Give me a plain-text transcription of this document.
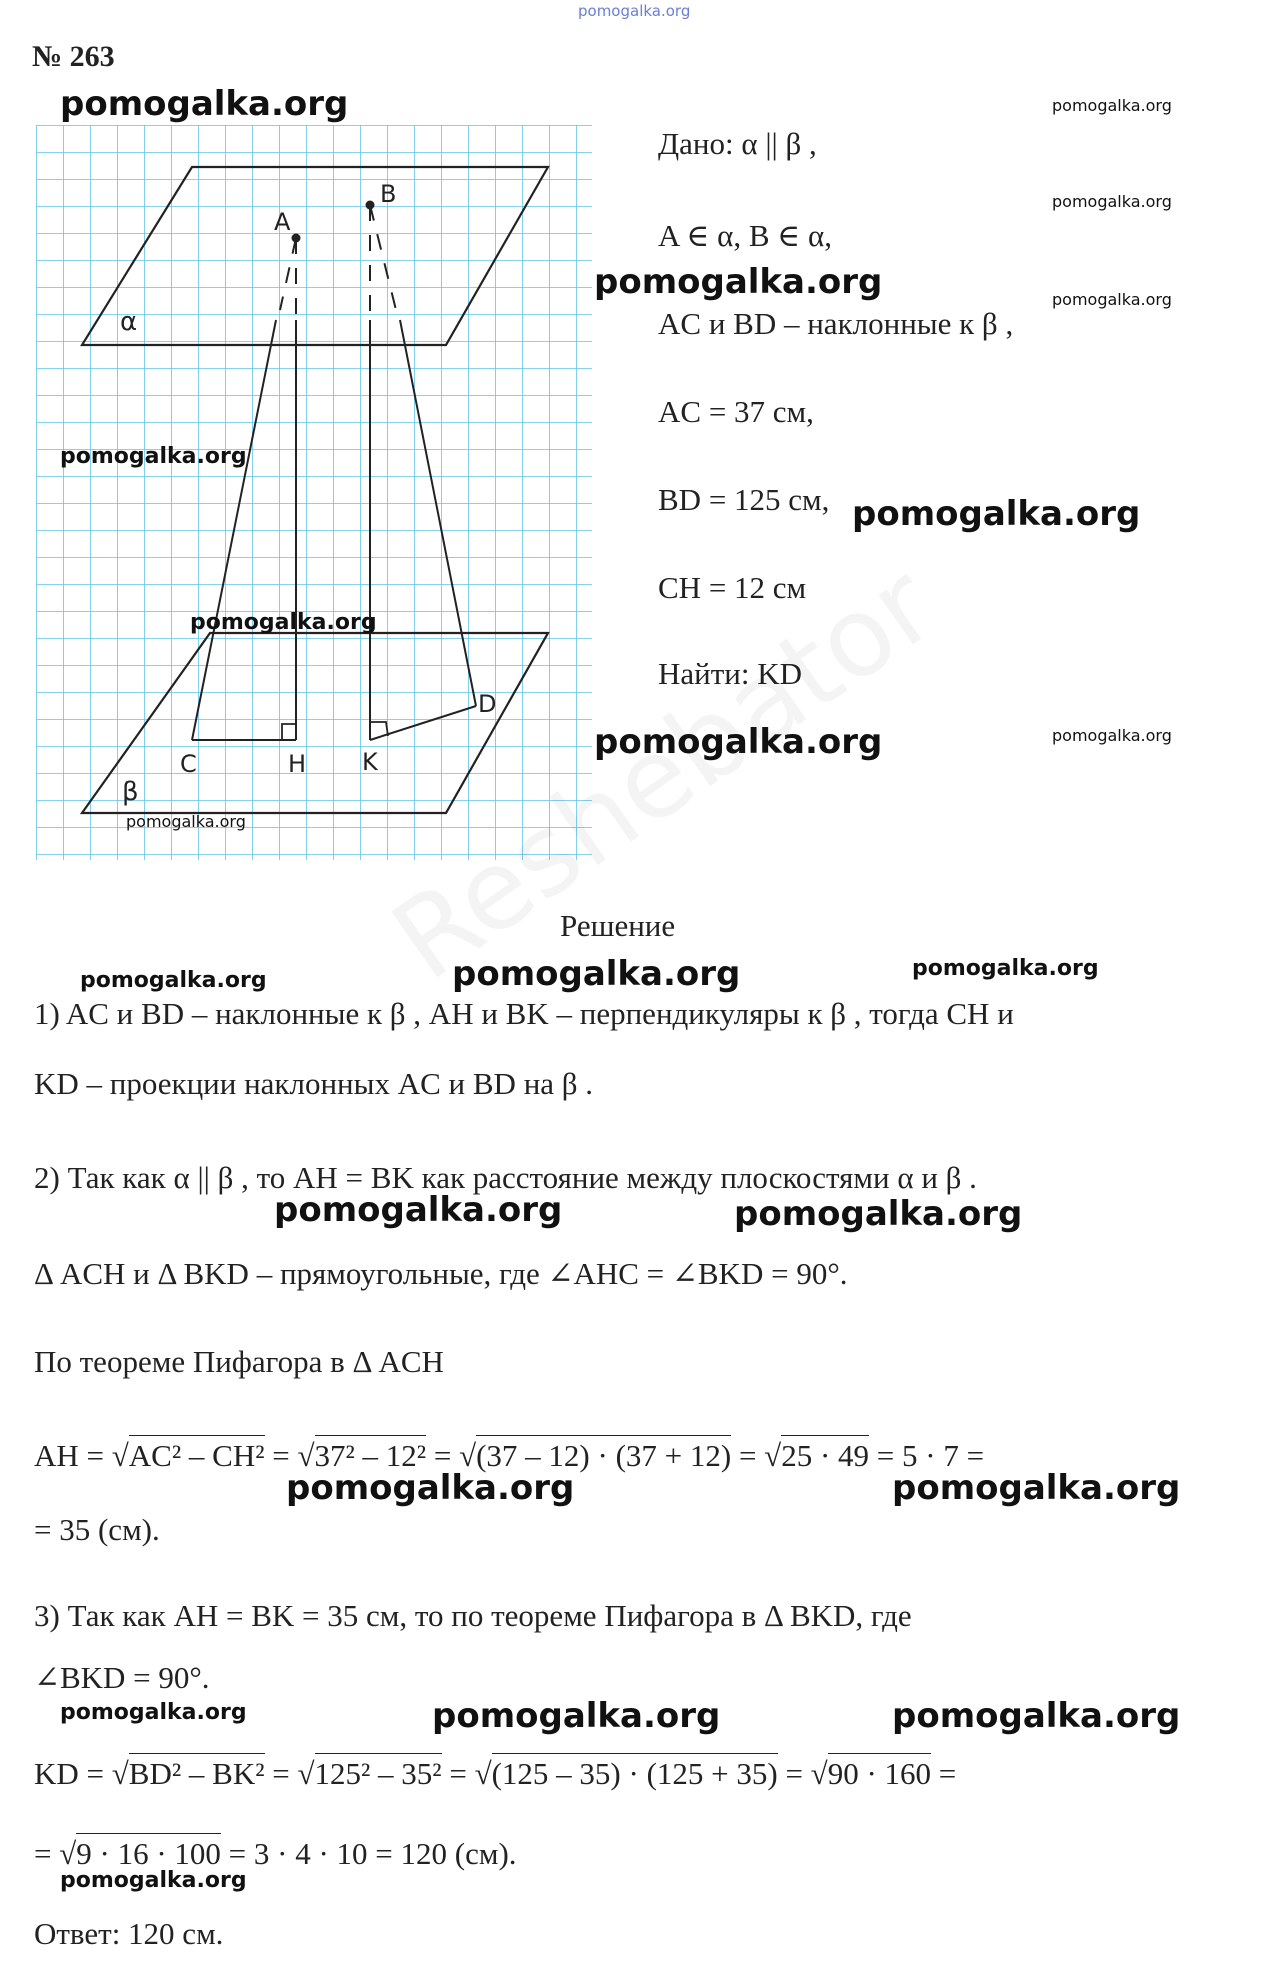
pomogalka.org
№ 263
A
B
α
C	H K
D
β
Дано: α || β ,
A ∈ α, B ∈ α,
AC и BD – наклонные к β ,
AC = 37 см,
BD = 125 см,
CH = 12 см
Найти: KD
Решение
1) AC и BD – наклонные к β , AH и BK – перпендикуляры к β , тогда CH и
KD – проекции наклонных AC и BD на β .
2) Так как α || β , то AH = BK как расстояние между плоскостями α и β .
Δ ACH и Δ BKD – прямоугольные, где ∠AHC = ∠BKD = 90°.
По теореме Пифагора в Δ ACH
AH = √AC² – CH² = √37² – 12² = √(37 – 12) · (37 + 12) = √25 · 49 = 5 · 7 =
= 35 (см).
3) Так как AH = BK = 35 см, то по теореме Пифагора в Δ BKD, где
∠BKD = 90°.
KD = √BD² – BK² = √125² – 35² = √(125 – 35) · (125 + 35) = √90 · 160 =
= √9 · 16 · 100 = 3 · 4 · 10 = 120 (см).
Ответ: 120 см.
pomogalka.org	pomogalka.org
pomogalka.org
pomogalka.org	pomogalka.org
pomogalka.org
pomogalka.org
pomogalka.org
pomogalka.org	pomogalka.org
pomogalka.org
pomogalka.org	pomogalka.org	pomogalka.org
pomogalka.org	pomogalka.org
pomogalka.org	pomogalka.org
pomogalka.org	pomogalka.org	pomogalka.org
pomogalka.org
